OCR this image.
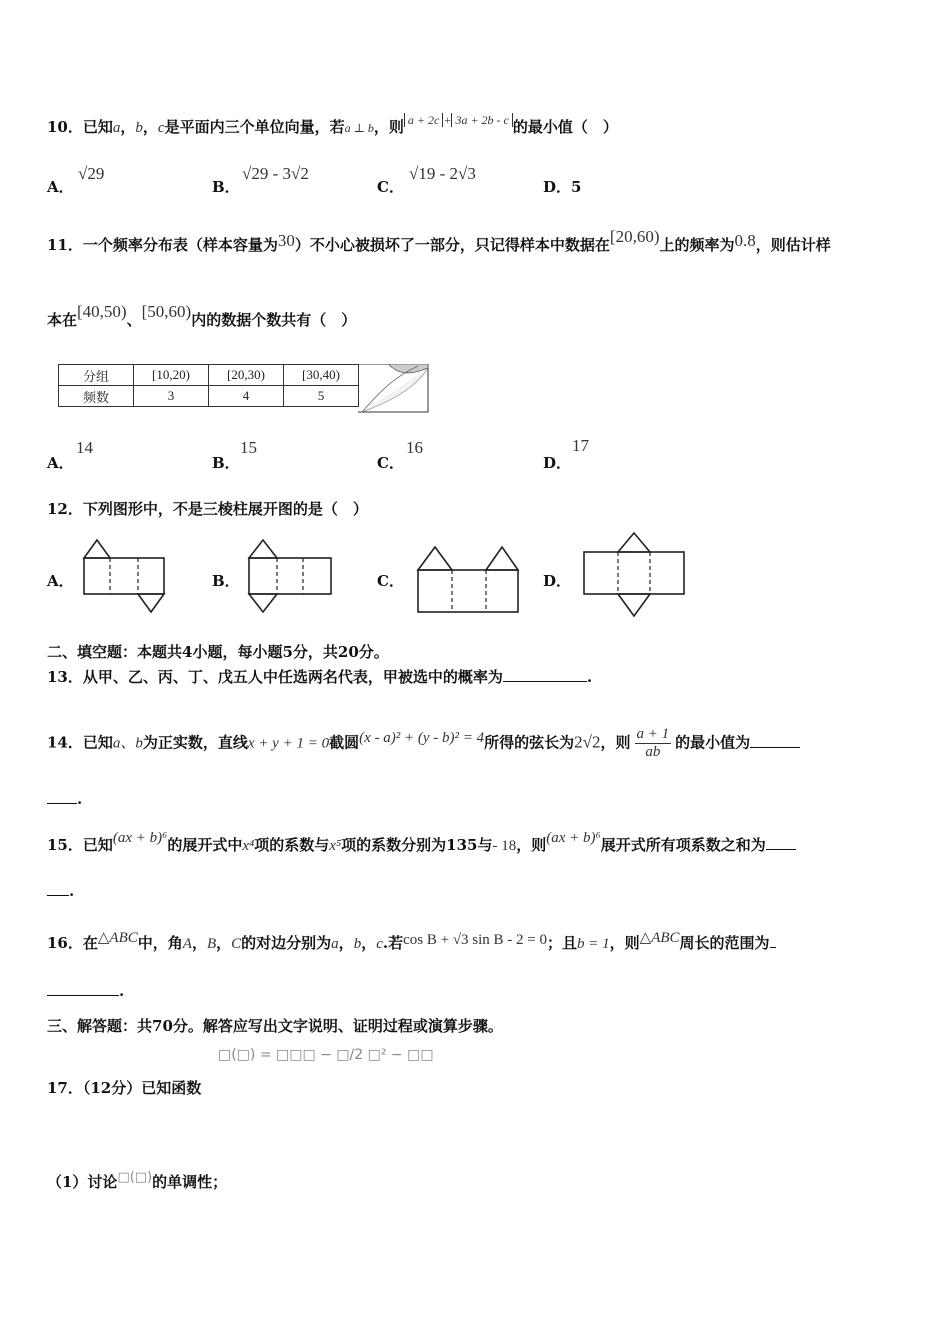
10．已知a，b，c是平面内三个单位向量，若a ⊥ b，则 $^{a + 2c}$ + $^{3a + 2b - c}$ 的最小值（　）
A．
√29
B．
√29 - 3√2
C．
√19 - 2√3
D．5
11．一个频率分布表（样本容量为30）不小心被损坏了一部分，只记得样本中数据在[20,60)上的频率为0.8，则估计样
本在[40,50)、[50,60)内的数据个数共有（　）
分组	[10,20)	[20,30)	[30,40)
频数	3	4	5
A．
14
B．
15
C．
16
D．
17
12．下列图形中，不是三棱柱展开图的是（　）
A．	B．	C．	D．
二、填空题：本题共4小题，每小题5分，共20分。
13．从甲、乙、丙、丁、戊五人中任选两名代表，甲被选中的概率为	.
14．已知a、b为正实数，直线x + y + 1 = 0截圆(x - a)² + (y - b)² = 4所得的弦长为2√2，则 $\frac{a + 1}{ab}$ 的最小值为
.
15．已知(ax + b)⁶的展开式中x⁴项的系数与x⁵项的系数分别为135与- 18，则(ax + b)⁶展开式所有项系数之和为
.
16．在△ABC中，角A，B，C的对边分别为a，b，c.若cos B + √3 sin B - 2 = 0；且b = 1，则△ABC周长的范围为
.
三、解答题：共70分。解答应写出文字说明、证明过程或演算步骤。
□(□) = □□□ − □/2 □² − □□
17．（12分）已知函数
（1）讨论□(□)的单调性；
